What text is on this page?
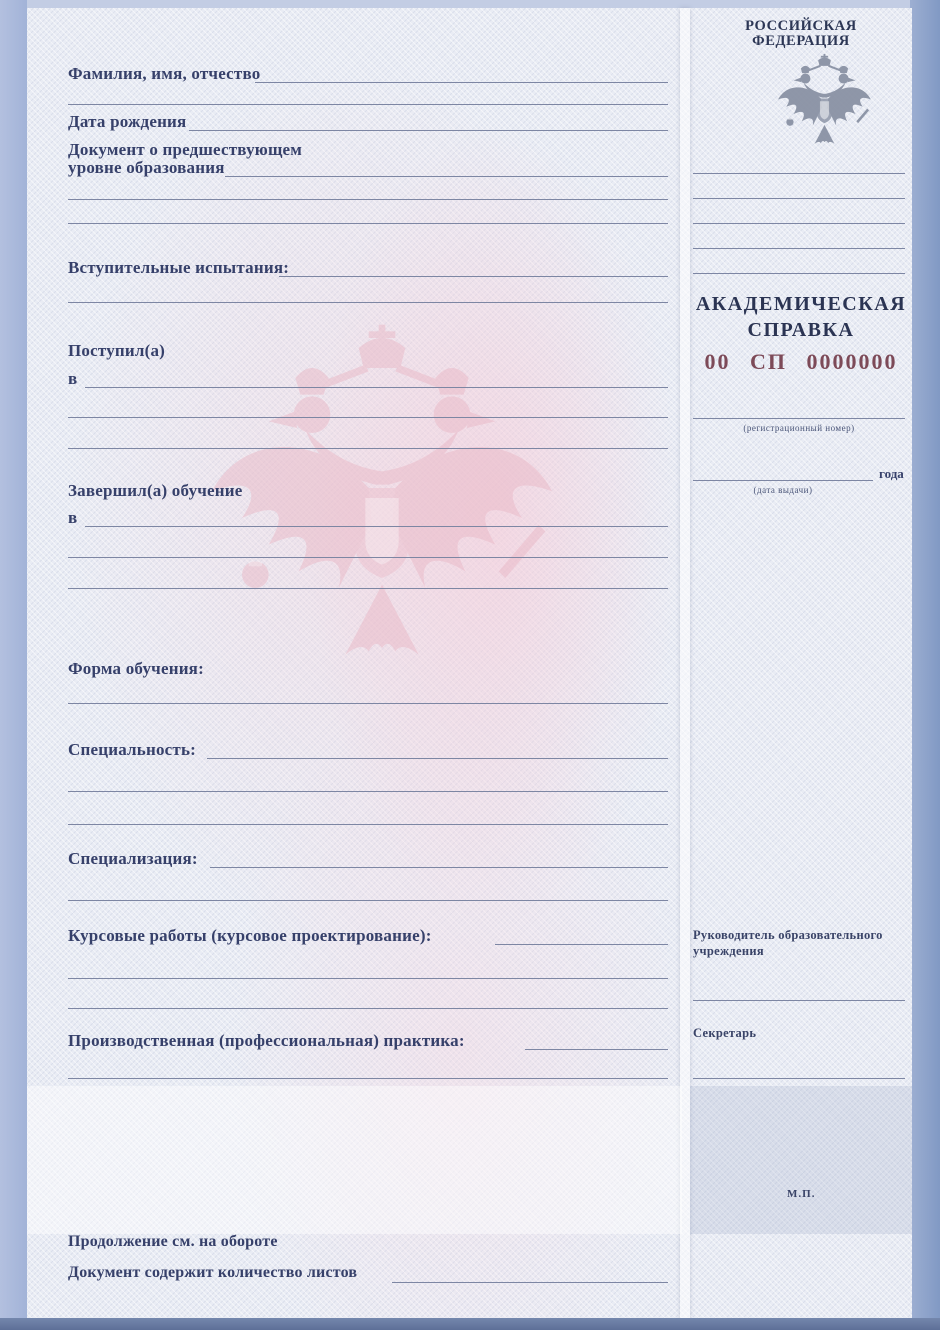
Фамилия, имя, отчество
Дата рождения
Документ о предшествующем
уровне образования
Вступительные испытания:
Поступил(а)
в
Завершил(а) обучение
в
Форма обучения:
Специальность:
Специализация:
Курсовые работы (курсовое проектирование):
Производственная (профессиональная) практика:
Продолжение см. на обороте
Документ содержит количество листов
РОССИЙСКАЯ
ФЕДЕРАЦИЯ
АКАДЕМИЧЕСКАЯ
СПРАВКА
00 СП 0000000
(регистрационный номер)
года
(дата выдачи)
Руководитель образовательного
учреждения
Секретарь
М.П.
